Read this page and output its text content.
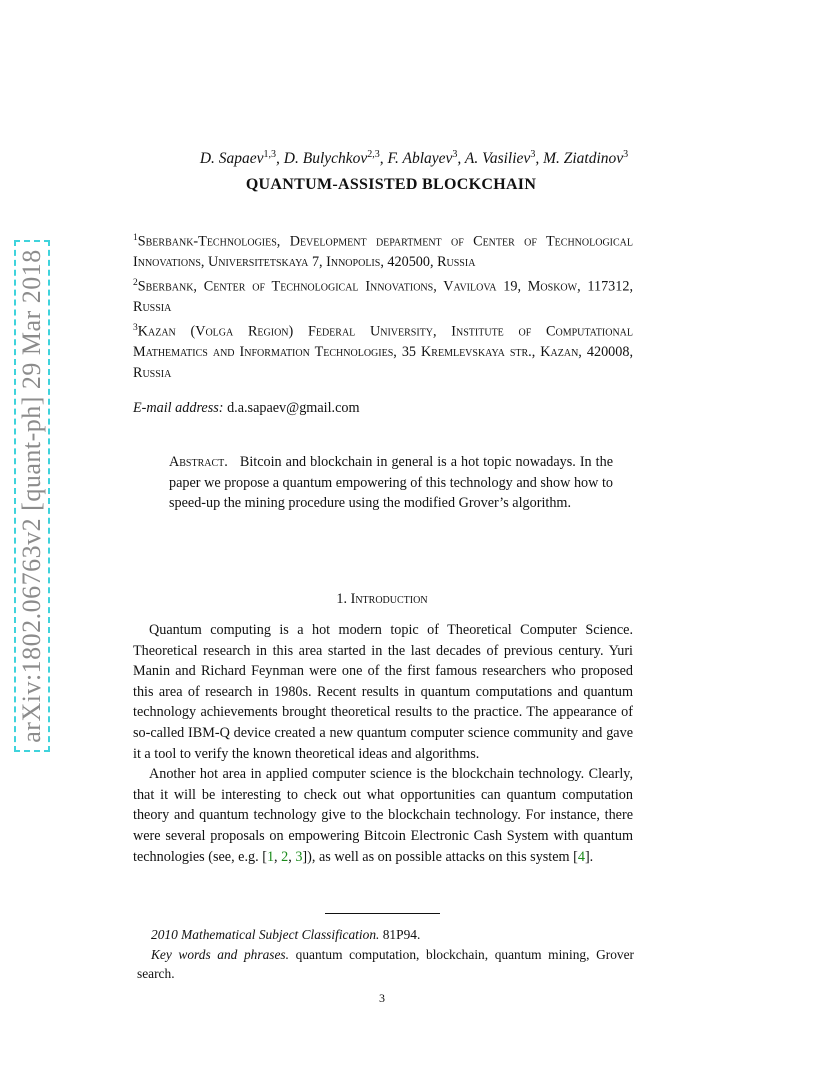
arXiv:1802.06763v2 [quant-ph] 29 Mar 2018
D. Sapaev$^{1,3}$, D. Bulychkov$^{2,3}$, F. Ablayev$^3$, A. Vasiliev$^3$, M. Ziatdinov$^3$
QUANTUM-ASSISTED BLOCKCHAIN

$^1$Sberbank-Technologies, Development department of Center of Technological Innovations, Universitetskaya 7, Innopolis, 420500, Russia

$^2$Sberbank, Center of Technological Innovations, Vavilova 19, Moskow, 117312, Russia

$^3$Kazan (Volga Region) Federal University, Institute of Computational Mathematics and Information Technologies, 35 Kremlevskaya str., Kazan, 420008, Russia

E-mail address: d.a.sapaev@gmail.com
Abstract. Bitcoin and blockchain in general is a hot topic nowadays. In the paper we propose a quantum empowering of this technology and show how to speed-up the mining procedure using the modified Grover’s algorithm.
1. Introduction

Quantum computing is a hot modern topic of Theoretical Computer Science. Theoretical research in this area started in the last decades of previous century. Yuri Manin and Richard Feynman were one of the first famous researchers who proposed this area of research in 1980s. Recent results in quantum computations and quantum technology achievements brought theoretical results to the practice. The appearance of so-called IBM-Q device created a new quantum computer science community and gave it a tool to verify the known theoretical ideas and algorithms.

Another hot area in applied computer science is the blockchain technology. Clearly, that it will be interesting to check out what opportunities can quantum computation theory and quantum technology give to the blockchain technology. For instance, there were several proposals on empowering Bitcoin Electronic Cash System with quantum technologies (see, e.g. [1, 2, 3]), as well as on possible attacks on this system [4].

2010 Mathematical Subject Classification. 81P94.

Key words and phrases. quantum computation, blockchain, quantum mining, Grover search.

3
